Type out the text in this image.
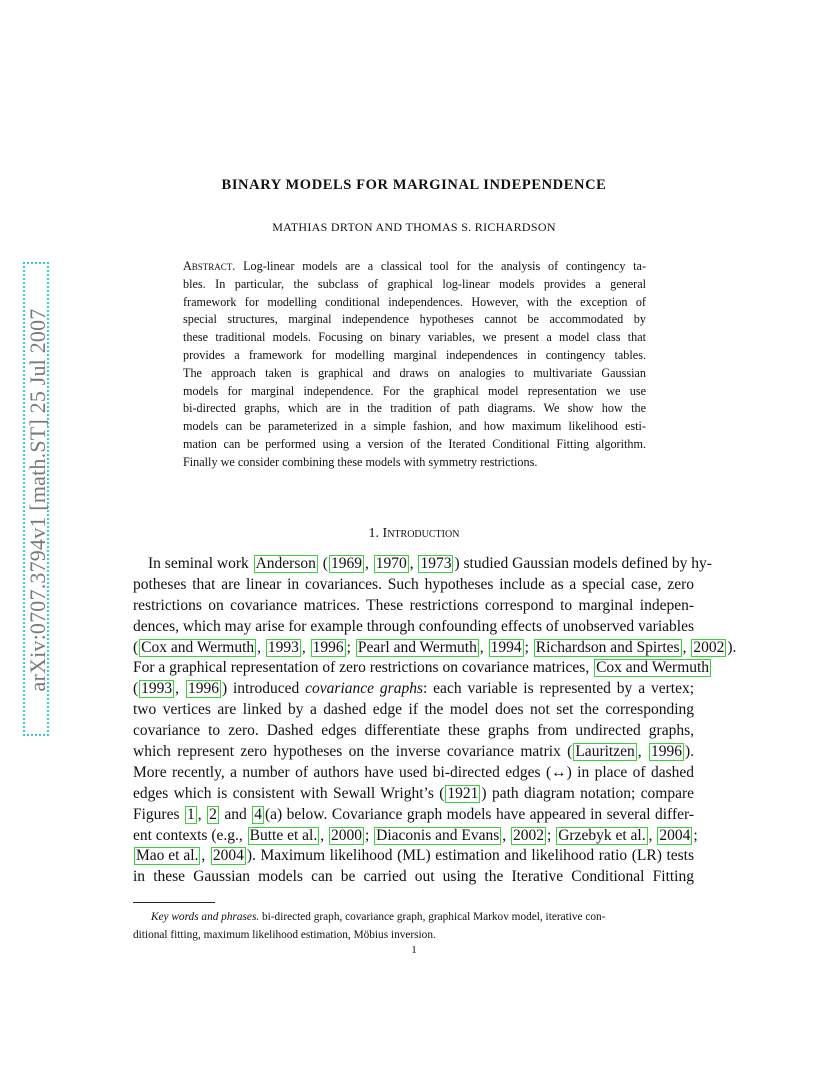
arXiv:0707.3794v1 [math.ST] 25 Jul 2007
BINARY MODELS FOR MARGINAL INDEPENDENCE
MATHIAS DRTON AND THOMAS S. RICHARDSON
Abstract. Log-linear models are a classical tool for the analysis of contingency ta-
bles. In particular, the subclass of graphical log-linear models provides a general
framework for modelling conditional independences. However, with the exception of
special structures, marginal independence hypotheses cannot be accommodated by
these traditional models. Focusing on binary variables, we present a model class that
provides a framework for modelling marginal independences in contingency tables.
The approach taken is graphical and draws on analogies to multivariate Gaussian
models for marginal independence. For the graphical model representation we use
bi-directed graphs, which are in the tradition of path diagrams. We show how the
models can be parameterized in a simple fashion, and how maximum likelihood esti-
mation can be performed using a version of the Iterated Conditional Fitting algorithm.
Finally we consider combining these models with symmetry restrictions.
1. Introduction
In seminal work Anderson ( 1969 , 1970 , 1973 ) studied Gaussian models defined by hy-
potheses that are linear in covariances. Such hypotheses include as a special case, zero
restrictions on covariance matrices. These restrictions correspond to marginal indepen-
dences, which may arise for example through confounding effects of unobserved variables
( Cox and Wermuth , 1993 , 1996 ; Pearl and Wermuth , 1994 ; Richardson and Spirtes , 2002 ).
For a graphical representation of zero restrictions on covariance matrices, Cox and Wermuth
( 1993 , 1996 ) introduced covariance graphs: each variable is represented by a vertex;
two vertices are linked by a dashed edge if the model does not set the corresponding
covariance to zero. Dashed edges differentiate these graphs from undirected graphs,
which represent zero hypotheses on the inverse covariance matrix ( Lauritzen , 1996 ).
More recently, a number of authors have used bi-directed edges (↔) in place of dashed
edges which is consistent with Sewall Wright’s ( 1921 ) path diagram notation; compare
Figures 1 , 2 and 4 (a) below. Covariance graph models have appeared in several differ-
ent contexts (e.g., Butte et al. , 2000 ; Diaconis and Evans , 2002 ; Grzebyk et al. , 2004 ;
Mao et al. , 2004 ). Maximum likelihood (ML) estimation and likelihood ratio (LR) tests
in these Gaussian models can be carried out using the Iterative Conditional Fitting
Key words and phrases. bi-directed graph, covariance graph, graphical Markov model, iterative con-
ditional fitting, maximum likelihood estimation, Möbius inversion.
1
